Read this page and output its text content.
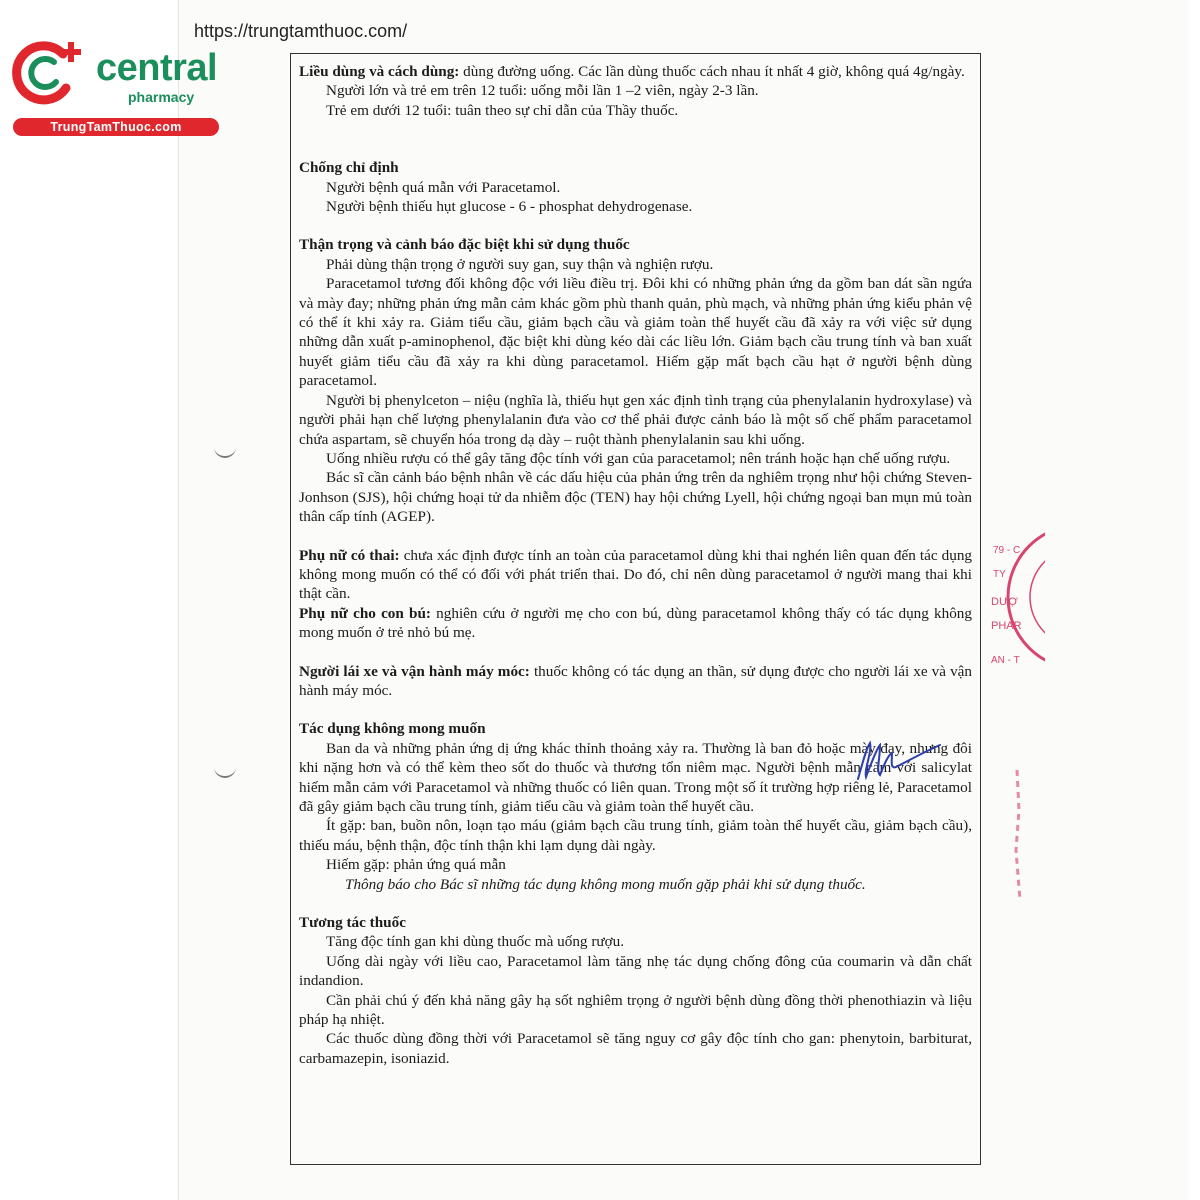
central
pharmacy
TrungTamThuoc.com
https://trungtamthuoc.com/

Liều dùng và cách dùng: dùng đường uống. Các lần dùng thuốc cách nhau ít nhất 4 giờ, không quá 4g/ngày.

Người lớn và trẻ em trên 12 tuổi: uống mỗi lần 1 –2 viên, ngày 2-3 lần.

Trẻ em dưới 12 tuổi: tuân theo sự chỉ dẫn của Thầy thuốc.

Chống chỉ định

Người bệnh quá mẫn với Paracetamol.

Người bệnh thiếu hụt glucose - 6 - phosphat dehydrogenase.

Thận trọng và cảnh báo đặc biệt khi sử dụng thuốc

Phải dùng thận trọng ở người suy gan, suy thận và nghiện rượu.

Paracetamol tương đối không độc với liều điều trị. Đôi khi có những phản ứng da gồm ban dát sần ngứa và mày đay; những phản ứng mẫn cảm khác gồm phù thanh quản, phù mạch, và những phản ứng kiểu phản vệ có thể ít khi xảy ra. Giảm tiểu cầu, giảm bạch cầu và giảm toàn thể huyết cầu đã xảy ra với việc sử dụng những dẫn xuất p-aminophenol, đặc biệt khi dùng kéo dài các liều lớn. Giảm bạch cầu trung tính và ban xuất huyết giảm tiểu cầu đã xảy ra khi dùng paracetamol. Hiếm gặp mất bạch cầu hạt ở người bệnh dùng paracetamol.

Người bị phenylceton – niệu (nghĩa là, thiếu hụt gen xác định tình trạng của phenylalanin hydroxylase) và người phải hạn chế lượng phenylalanin đưa vào cơ thể phải được cảnh báo là một số chế phẩm paracetamol chứa aspartam, sẽ chuyển hóa trong dạ dày – ruột thành phenylalanin sau khi uống.

Uống nhiều rượu có thể gây tăng độc tính với gan của paracetamol; nên tránh hoặc hạn chế uống rượu.

Bác sĩ cần cảnh báo bệnh nhân về các dấu hiệu của phản ứng trên da nghiêm trọng như hội chứng Steven-Jonhson (SJS), hội chứng hoại tử da nhiễm độc (TEN) hay hội chứng Lyell, hội chứng ngoại ban mụn mủ toàn thân cấp tính (AGEP).

Phụ nữ có thai: chưa xác định được tính an toàn của paracetamol dùng khi thai nghén liên quan đến tác dụng không mong muốn có thể có đối với phát triển thai. Do đó, chỉ nên dùng paracetamol ở người mang thai khi thật cần.

Phụ nữ cho con bú: nghiên cứu ở người mẹ cho con bú, dùng paracetamol không thấy có tác dụng không mong muốn ở trẻ nhỏ bú mẹ.

Người lái xe và vận hành máy móc: thuốc không có tác dụng an thần, sử dụng được cho người lái xe và vận hành máy móc.

Tác dụng không mong muốn

Ban da và những phản ứng dị ứng khác thỉnh thoảng xảy ra. Thường là ban đỏ hoặc mày đay, nhưng đôi khi nặng hơn và có thể kèm theo sốt do thuốc và thương tổn niêm mạc. Người bệnh mẫn cảm với salicylat hiếm mẫn cảm với Paracetamol và những thuốc có liên quan. Trong một số ít trường hợp riêng lẻ, Paracetamol đã gây giảm bạch cầu trung tính, giảm tiểu cầu và giảm toàn thể huyết cầu.

Ít gặp: ban, buồn nôn, loạn tạo máu (giảm bạch cầu trung tính, giảm toàn thể huyết cầu, giảm bạch cầu), thiếu máu, bệnh thận, độc tính thận khi lạm dụng dài ngày.

Hiếm gặp: phản ứng quá mẫn

Thông báo cho Bác sĩ những tác dụng không mong muốn gặp phải khi sử dụng thuốc.

Tương tác thuốc

Tăng độc tính gan khi dùng thuốc mà uống rượu.

Uống dài ngày với liều cao, Paracetamol làm tăng nhẹ tác dụng chống đông của coumarin và dẫn chất indandion.

Cần phải chú ý đến khả năng gây hạ sốt nghiêm trọng ở người bệnh dùng đồng thời phenothiazin và liệu pháp hạ nhiệt.

Các thuốc dùng đồng thời với Paracetamol sẽ tăng nguy cơ gây độc tính cho gan: phenytoin, barbiturat, carbamazepin, isoniazid.

79 - C
TY
DƯỢ
PHAR
AN - T
